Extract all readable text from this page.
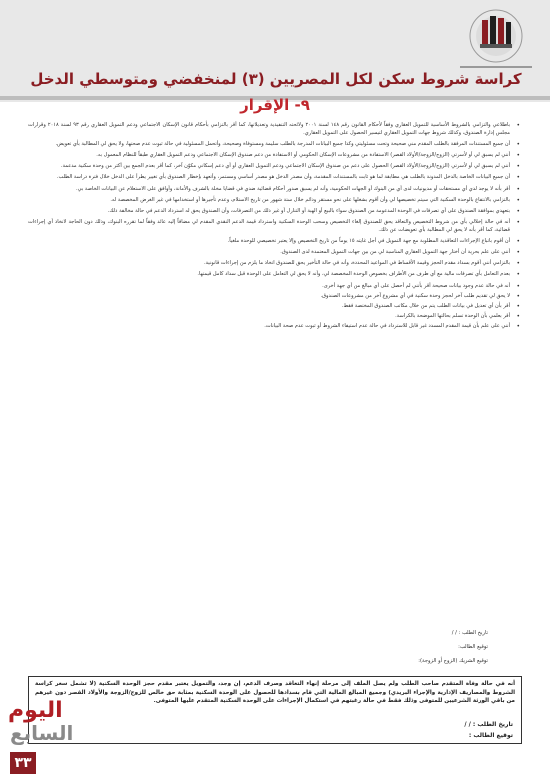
كراسة شروط سكن لكل المصريين (٣) لمنخفضي ومتوسطي الدخل
٩- الإقرار
• باطلاعي والتزامي بالشروط الأساسية للتمويل العقاري وفقاً لأحكام القانون رقم ١٤٨ لسنة ٢٠٠١ ولائحته التنفيذية وتعديلاتها، كما أقر بالتزامي بأحكام قانون الإسكان الاجتماعي ودعم التمويل العقاري رقم ٩٣ لسنة ٢٠١٨ وقرارات مجلس إدارة الصندوق، وكذلك شروط جهات التمويل العقاري لتيسير الحصول على التمويل العقاري.
• أن جميع المستندات المرفقة بالطلب المقدم مني صحيحة وتحت مسئوليتي وكذا جميع البيانات المدرجة بالطلب سليمة ومستوفاة وصحيحة، وأتحمل المسئولية في حالة ثبوت عدم صحتها، ولا يحق لي المطالبة بأي تعويض.
• أنني لم يسبق لي أو لأسرتي (الزوج/الزوجة/الأولاد القصر) الاستفادة من مشروعات الإسكان الحكومي أو الاستفادة من دعم صندوق الإسكان الاجتماعي ودعم التمويل العقاري طبقاً للنظام المعمول به.
• أنني لم يسبق لي أو لأسرتي (الزوج/الزوجة/الأولاد القصر) الحصول على دعم من صندوق الإسكان الاجتماعي ودعم التمويل العقاري أو أي دعم إسكاني مكوّن آخر، كما أقر بعدم الجمع بين أكثر من وحدة سكنية مدعمة.
• أن جميع البيانات الخاصة بالدخل المدونة بالطلب هي مطابقة لما هو ثابت بالمستندات المقدمة، وأن مصدر الدخل هو مصدر أساسي ومستمر، وأتعهد بإخطار الصندوق بأي تغيير يطرأ على الدخل خلال فترة دراسة الطلب.
• أقر بأنه لا يوجد لدي أي مستحقات أو مديونيات لدى أي من البنوك أو الجهات الحكومية، وأنه لم يسبق صدور أحكام قضائية ضدي في قضايا مخلة بالشرف والأمانة، وأوافق على الاستعلام عن البيانات الخاصة بي.
• بالتزامي بالانتفاع بالوحدة السكنية التي سيتم تخصيصها لي وأن أقوم بشغلها على نحو مستقر ودائم خلال ستة شهور من تاريخ الاستلام، وعدم تأجيرها أو استخدامها في غير الغرض المخصصة له.
• بتعهدي بموافقة الصندوق على أي تصرفات في الوحدة المدعومة من الصندوق سواء بالبيع أو الهبة أو التنازل أو غير ذلك من التصرفات، وأن الصندوق يحق له استرداد الدعم في حالة مخالفة ذلك.
• أنه في حالة إخلالي بأي من شروط التخصيص والتعاقد يحق للصندوق إلغاء التخصيص وسحب الوحدة السكنية واسترداد قيمة الدعم النقدي المقدم لي مضافاً إليه عائد وفقاً لما تقرره البنوك، وذلك دون الحاجة لاتخاذ أي إجراءات قضائية، كما أقر بأنه لا يحق لي المطالبة بأي تعويضات عن ذلك.
• أن أقوم باتباع الإجراءات التعاقدية المطلوبة مع جهة التمويل في أجل غايته ١٥ يوماً من تاريخ التخصيص وإلا يعتبر تخصيصي للوحدة ملغياً.
• أنني على علم بحرية أن أختار جهة التمويل العقاري المناسبة لي من بين جهات التمويل المعتمدة لدى الصندوق.
• بالتزامي أنني أقوم بسداد مقدم الحجز وقيمة الأقساط في المواعيد المحددة، وأنه في حالة التأخير يحق للصندوق اتخاذ ما يلزم من إجراءات قانونية.
• بعدم التعامل بأي تصرفات مالية مع أي طرف من الأطراف بخصوص الوحدة المخصصة لي، وأنه لا يحق لي التعامل على الوحدة قبل سداد كامل قيمتها.
• أنه في حالة عدم وجود بيانات صحيحة أقر بأنني لم أحصل على أي مبالغ من أي جهة أخرى.
• لا يحق لي تقديم طلب آخر لحجز وحدة سكنية في أي مشروع آخر من مشروعات الصندوق.
• أقر بأن أي تعديل في بيانات الطلب يتم من خلال مكاتب الصندوق المختصة فقط.
• أقر بعلمي بأن الوحدة تسلم بحالتها الموضحة بالكراسة.
• أنني على علم بأن قيمة المقدم المسدد غير قابل للاسترداد في حالة عدم استيفاء الشروط أو ثبوت عدم صحة البيانات.
تاريخ الطلب : / /
توقيع الطالب:
توقيع الشريك (الزوج أو الزوجة):
أنه في حالة وفاة المتقدم صاحب الطلب ولم يصل الملف إلى مرحلة إنهاء التعاقد وصرف الدعم، إن وجد، والتمويل يعتبر مقدم حجز الوحدة السكنية (لا تشمل سعر كراسة الشروط والمصاريف الإدارية والإجراء البريدي) وجميع المبالغ المالية التي قام بسدادها للحصول على الوحدة السكنية بمثابة حق خالص للزوج/الزوجة والأولاد القصر دون غيرهم من باقي الورثة الشرعيين للمتوفى وذلك فقط في حالة رغبتهم في استكمال الإجراءات على الوحدة السكنية المتقدم عليها المتوفى.
تاريخ الطلب : / /
توقيع الطالب :
اليوم
السابع
٣٣
